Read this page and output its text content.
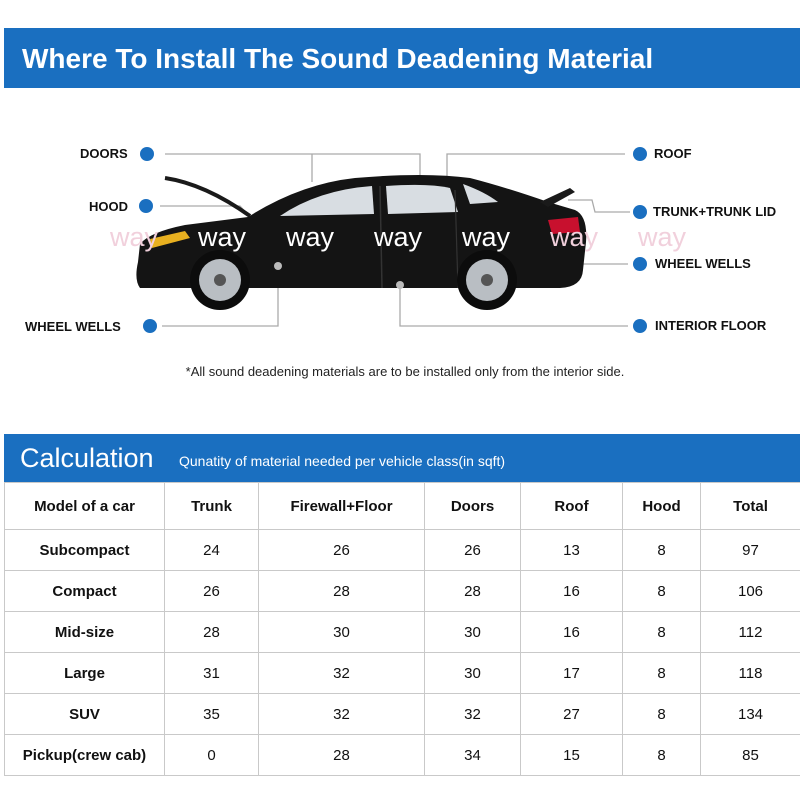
Where To Install The Sound Deadening Material
DOORS
HOOD
WHEEL WELLS
ROOF
TRUNK+TRUNK LID
WHEEL WELLS
INTERIOR FLOOR
way way way way way way way
*All sound deadening materials are to be installed only from the interior side.
Calculation Qunatity of material needed per vehicle class(in sqft)
Model of a car	Trunk	Firewall+Floor	Doors	Roof	Hood	Total
Subcompact	24	26	26	13	8	97
Compact	26	28	28	16	8	106
Mid-size	28	30	30	16	8	112
Large	31	32	30	17	8	118
SUV	35	32	32	27	8	134
Pickup(crew cab)	0	28	34	15	8	85
